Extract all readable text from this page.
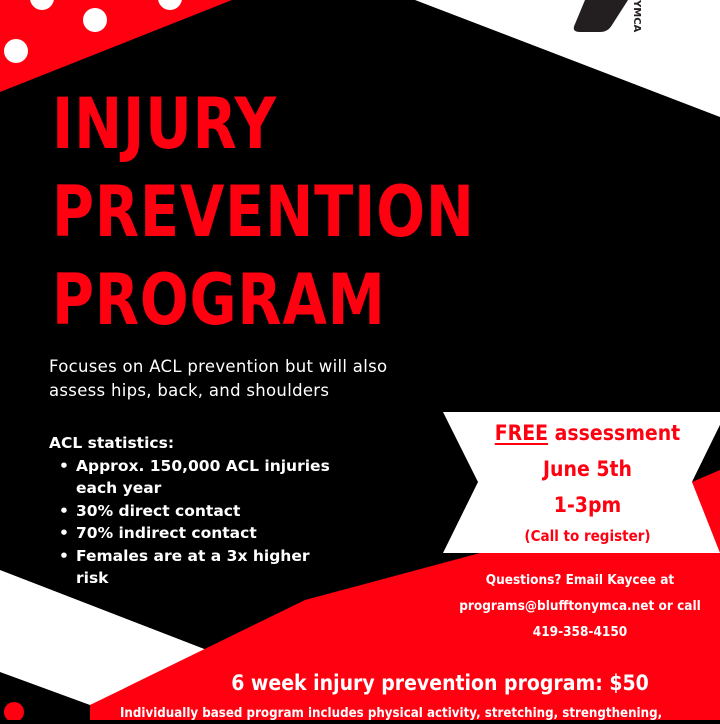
YMCA
INJURY
PREVENTION
PROGRAM
Focuses on ACL prevention but will also
assess hips, back, and shoulders
ACL statistics:
• Approx. 150,000 ACL injuries each year
• 30% direct contact
• 70% indirect contact
• Females are at a 3x higher risk
FREE assessment
June 5th
1-3pm
(Call to register)
Questions? Email Kaycee at
programs@blufftonymca.net or call
419-358-4150
6 week injury prevention program: $50
Individually based program includes physical activity, stretching, strengthening,
